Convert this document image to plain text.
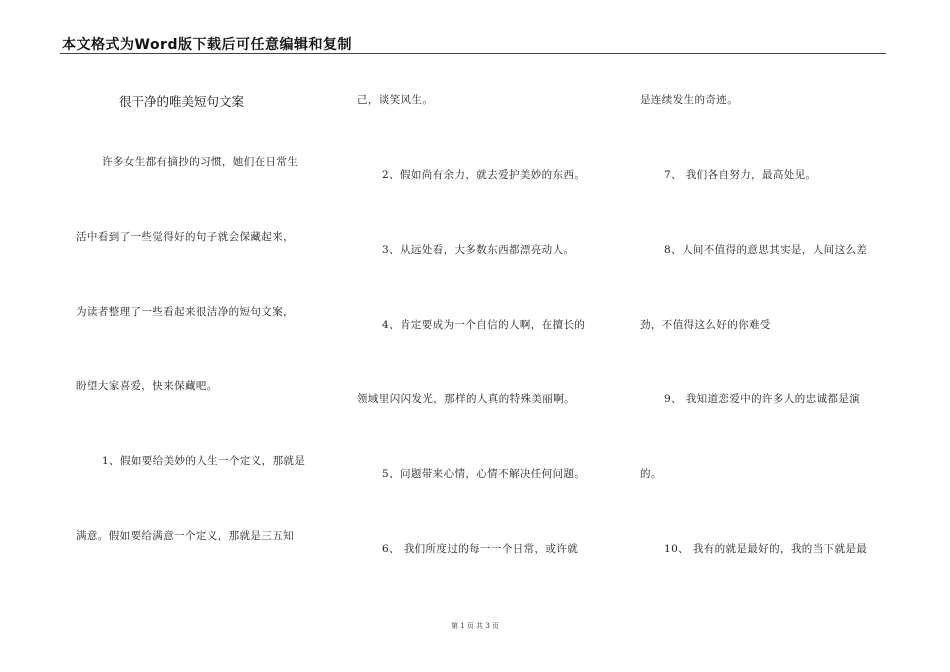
本文格式为Word版下载后可任意编辑和复制
很干净的唯美短句文案
许多女生都有摘抄的习惯，她们在日常生
活中看到了一些觉得好的句子就会保藏起来，
为读者整理了一些看起来很洁净的短句文案，
盼望大家喜爱，快来保藏吧。
1、假如要给美妙的人生一个定义，那就是
满意。假如要给满意一个定义，那就是三五知
己，谈笑风生。
2、假如尚有余力，就去爱护美妙的东西。
3、从远处看，大多数东西都漂亮动人。
4、肯定要成为一个自信的人啊，在擅长的
领域里闪闪发光，那样的人真的特殊美丽啊。
5、问题带来心情，心情不解决任何问题。
6、 我们所度过的每一一个日常，或许就
是连续发生的奇迹。
7、 我们各自努力，最高处见。
8、人间不值得的意思其实是，人间这么差
劲，不值得这么好的你难受
9、 我知道恋爱中的许多人的忠诚都是演
的。
10、 我有的就是最好的，我的当下就是最
第 1 页 共 3 页
